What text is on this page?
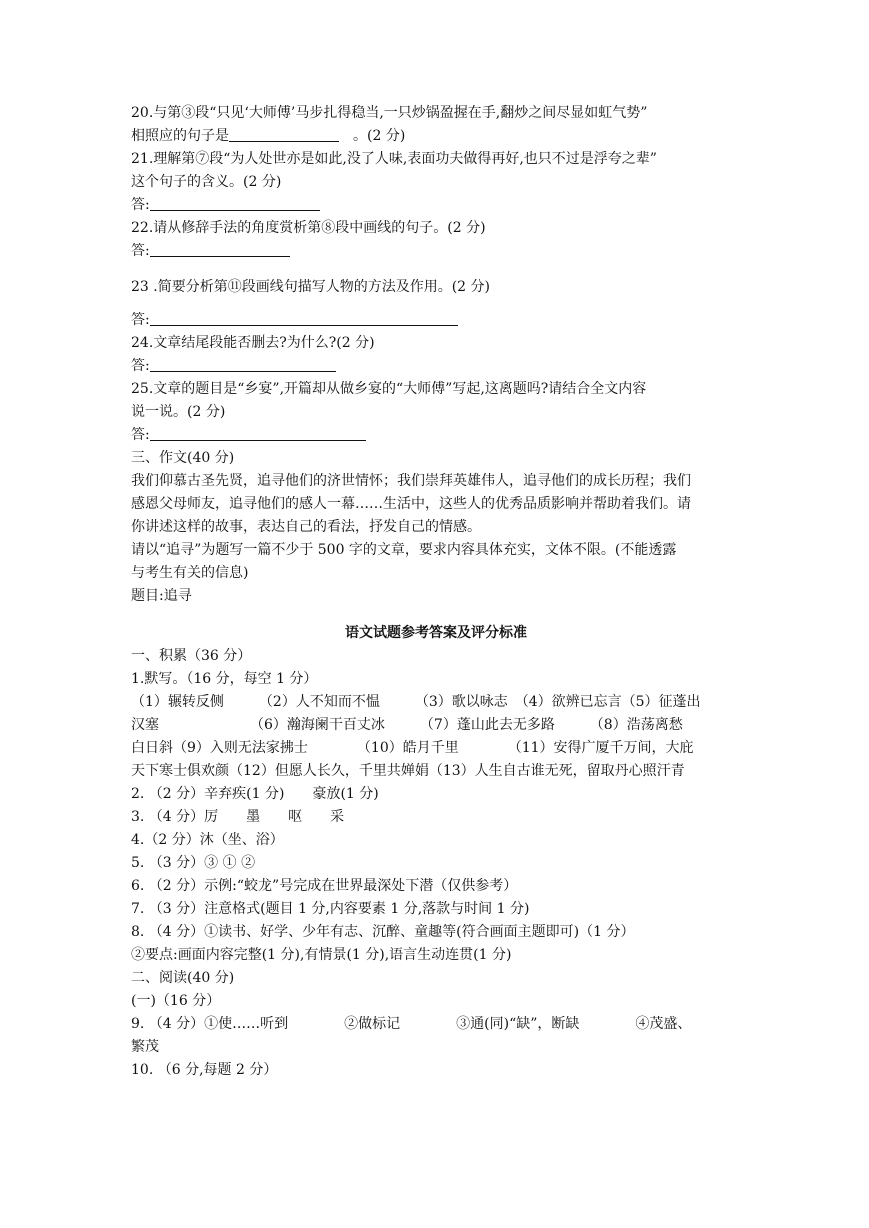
20.与第③段“只见‘大师傅’马步扎得稳当,一只炒锅盈握在手,翻炒之间尽显如虹气势”
相照应的句子是	　。(2 分)
21.理解第⑦段“为人处世亦是如此,没了人味,表面功夫做得再好,也只不过是浮夸之辈”
这个句子的含义。(2 分)
答:
22.请从修辞手法的角度赏析第⑧段中画线的句子。(2 分)
答:
23 .简要分析第⑪段画线句描写人物的方法及作用。(2 分)
答:
24.文章结尾段能否删去?为什么?(2 分)
答:
25.文章的题目是“乡宴”,开篇却从做乡宴的“大师傅”写起,这离题吗?请结合全文内容
说一说。(2 分)
答:
三、作文(40 分)
我们仰慕古圣先贤，追寻他们的济世情怀；我们崇拜英雄伟人，追寻他们的成长历程；我们
感恩父母师友，追寻他们的感人一幕……生活中，这些人的优秀品质影响并帮助着我们。请
你讲述这样的故事，表达自己的看法，抒发自己的情感。
请以“追寻”为题写一篇不少于 500 字的文章，要求内容具体充实，文体不限。(不能透露
与考生有关的信息)
题目:追寻
语文试题参考答案及评分标准
一、积累（36 分）
1.默写。（16 分，每空 1 分）
（1）辗转反侧　　　（2）人不知而不愠　　　（3）歌以咏志　（4）欲辨已忘言（5）征蓬出
汉塞　　　　　　　（6）瀚海阑干百丈冰　　　（7）蓬山此去无多路　　　（8）浩荡离愁
白日斜（9）入则无法家拂士　　　　（10）皓月千里　　　　（11）安得广厦千万间，大庇
天下寒士俱欢颜（12）但愿人长久，千里共婵娟（13）人生自古谁无死，留取丹心照汗青
2. （2 分）辛弃疾(1 分)　　豪放(1 分)
3. （4 分）厉　　墨　　呕　　采
4.（2 分）沐（坐、浴）
5. （3 分）③ ① ②
6. （2 分）示例:“蛟龙”号完成在世界最深处下潜（仅供参考）
7. （3 分）注意格式(题目 1 分,内容要素 1 分,落款与时间 1 分)
8. （4 分）①读书、好学、少年有志、沉醉、童趣等(符合画面主题即可)（1 分）
②要点:画面内容完整(1 分),有情景(1 分),语言生动连贯(1 分)
二、阅读(40 分)
(一)（16 分）
9. （4 分）①使……听到　　　　②做标记　　　　③通(同)“缺”，断缺　　　　④茂盛、
繁茂
10. （6 分,每题 2 分）
